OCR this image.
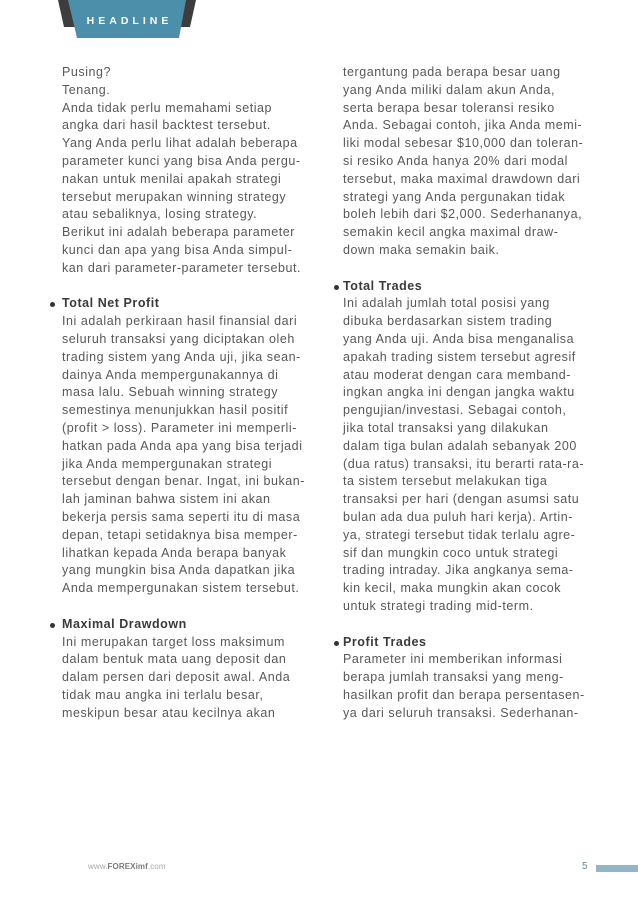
HEADLINE
Pusing?
Tenang.
Anda tidak perlu memahami setiap
angka dari hasil backtest tersebut.
Yang Anda perlu lihat adalah beberapa
parameter kunci yang bisa Anda pergu-
nakan untuk menilai apakah strategi
tersebut merupakan winning strategy
atau sebaliknya, losing strategy.
Berikut ini adalah beberapa parameter
kunci dan apa yang bisa Anda simpul-
kan dari parameter-parameter tersebut.
Total Net Profit
Ini adalah perkiraan hasil finansial dari
seluruh transaksi yang diciptakan oleh
trading sistem yang Anda uji, jika sean-
dainya Anda mempergunakannya di
masa lalu. Sebuah winning strategy
semestinya menunjukkan hasil positif
(profit > loss). Parameter ini memperli-
hatkan pada Anda apa yang bisa terjadi
jika Anda mempergunakan strategi
tersebut dengan benar. Ingat, ini bukan-
lah jaminan bahwa sistem ini akan
bekerja persis sama seperti itu di masa
depan, tetapi setidaknya bisa memper-
lihatkan kepada Anda berapa banyak
yang mungkin bisa Anda dapatkan jika
Anda mempergunakan sistem tersebut.
Maximal Drawdown
Ini merupakan target loss maksimum
dalam bentuk mata uang deposit dan
dalam persen dari deposit awal. Anda
tidak mau angka ini terlalu besar,
meskipun besar atau kecilnya akan
tergantung pada berapa besar uang
yang Anda miliki dalam akun Anda,
serta berapa besar toleransi resiko
Anda. Sebagai contoh, jika Anda memi-
liki modal sebesar $10,000 dan toleran-
si resiko Anda hanya 20% dari modal
tersebut, maka maximal drawdown dari
strategi yang Anda pergunakan tidak
boleh lebih dari $2,000. Sederhananya,
semakin kecil angka maximal draw-
down maka semakin baik.
Total Trades
Ini adalah jumlah total posisi yang
dibuka berdasarkan sistem trading
yang Anda uji. Anda bisa menganalisa
apakah trading sistem tersebut agresif
atau moderat dengan cara memband-
ingkan angka ini dengan jangka waktu
pengujian/investasi. Sebagai contoh,
jika total transaksi yang dilakukan
dalam tiga bulan adalah sebanyak 200
(dua ratus) transaksi, itu berarti rata-ra-
ta sistem tersebut melakukan tiga
transaksi per hari (dengan asumsi satu
bulan ada dua puluh hari kerja). Artin-
ya, strategi tersebut tidak terlalu agre-
sif dan mungkin coco untuk strategi
trading intraday. Jika angkanya sema-
kin kecil, maka mungkin akan cocok
untuk strategi trading mid-term.
Profit Trades
Parameter ini memberikan informasi
berapa jumlah transaksi yang meng-
hasilkan profit dan berapa persentasen-
ya dari seluruh transaksi. Sederhanan-
www.FOREXimf.com	5
